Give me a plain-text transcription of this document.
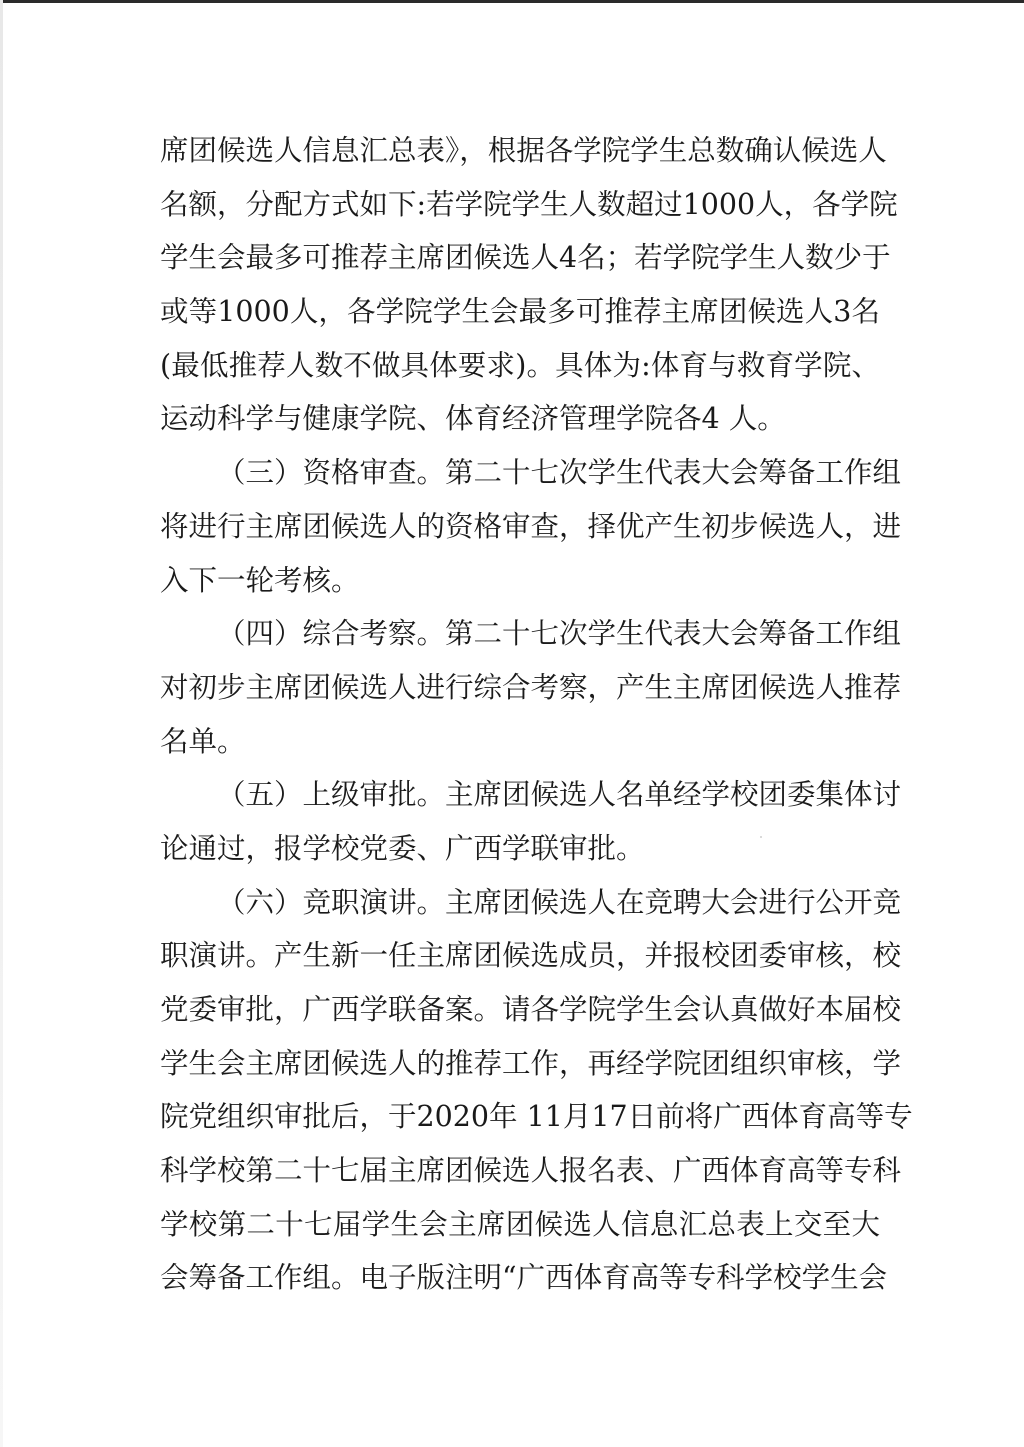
席团候选人信息汇总表》，根据各学院学生总数确认候选人
名额，分配方式如下:若学院学生人数超过1000人，各学院
学生会最多可推荐主席团候选人4名；若学院学生人数少于
或等1000人，各学院学生会最多可推荐主席团候选人3名
(最低推荐人数不做具体要求)。具体为:体育与救育学院、
运动科学与健康学院、体育经济管理学院各4 人。
（三）资格审查。第二十七次学生代表大会筹备工作组
将进行主席团候选人的资格审查，择优产生初步候选人，进
入下一轮考核。
（四）综合考察。第二十七次学生代表大会筹备工作组
对初步主席团候选人进行综合考察，产生主席团候选人推荐
名单。
（五）上级审批。主席团候选人名单经学校团委集体讨
论通过，报学校党委、广西学联审批。
（六）竞职演讲。主席团候选人在竞聘大会进行公开竞
职演讲。产生新一任主席团候选成员，并报校团委审核，校
党委审批，广西学联备案。请各学院学生会认真做好本届校
学生会主席团候选人的推荐工作，再经学院团组织审核，学
院党组织审批后，于2020年 11月17日前将广西体育高等专
科学校第二十七届主席团候选人报名表、广西体育高等专科
学校第二十七届学生会主席团候选人信息汇总表上交至大
会筹备工作组。电子版注明“广西体育高等专科学校学生会
